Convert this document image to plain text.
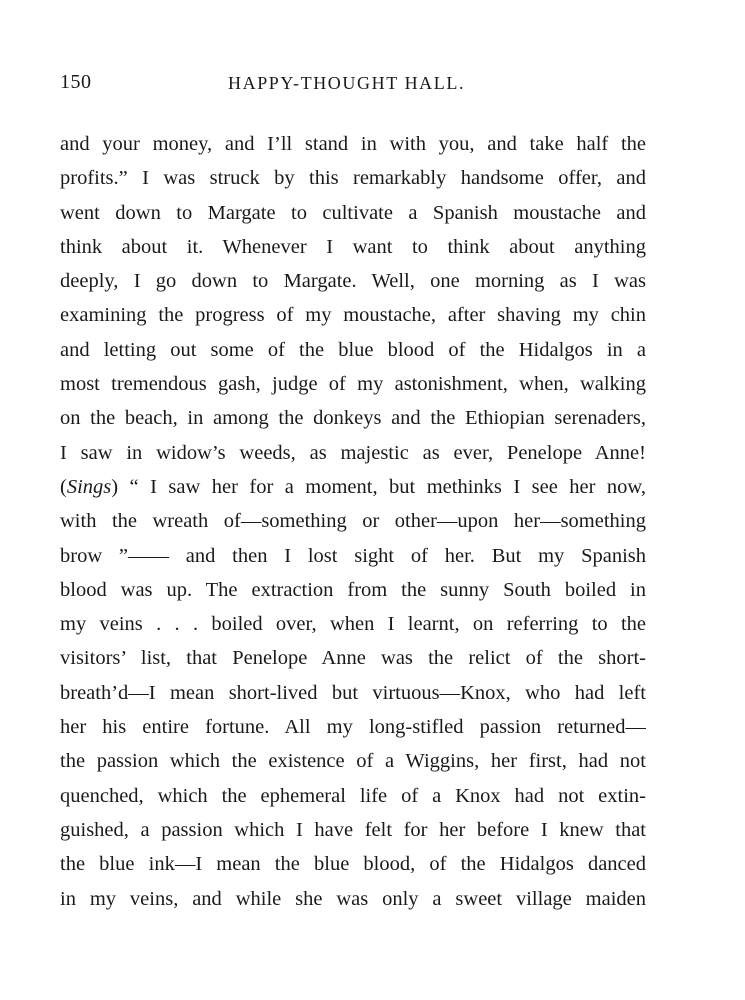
150	HAPPY-THOUGHT HALL.
and your money, and I’ll stand in with you, and take half the
profits.” I was struck by this remarkably handsome offer, and
went down to Margate to cultivate a Spanish moustache and
think about it. Whenever I want to think about anything
deeply, I go down to Margate. Well, one morning as I was
examining the progress of my moustache, after shaving my chin
and letting out some of the blue blood of the Hidalgos in a
most tremendous gash, judge of my astonishment, when, walking
on the beach, in among the donkeys and the Ethiopian serenaders,
I saw in widow’s weeds, as majestic as ever, Penelope Anne!
(Sings) “ I saw her for a moment, but methinks I see her now,
with the wreath of—something or other—upon her—something
brow ”—— and then I lost sight of her. But my Spanish
blood was up. The extraction from the sunny South boiled in
my veins . . . boiled over, when I learnt, on referring to the
visitors’ list, that Penelope Anne was the relict of the short-
breath’d—I mean short-lived but virtuous—Knox, who had left
her his entire fortune. All my long-stifled passion returned—
the passion which the existence of a Wiggins, her first, had not
quenched, which the ephemeral life of a Knox had not extin-
guished, a passion which I have felt for her before I knew that
the blue ink—I mean the blue blood, of the Hidalgos danced
in my veins, and while she was only a sweet village maiden
